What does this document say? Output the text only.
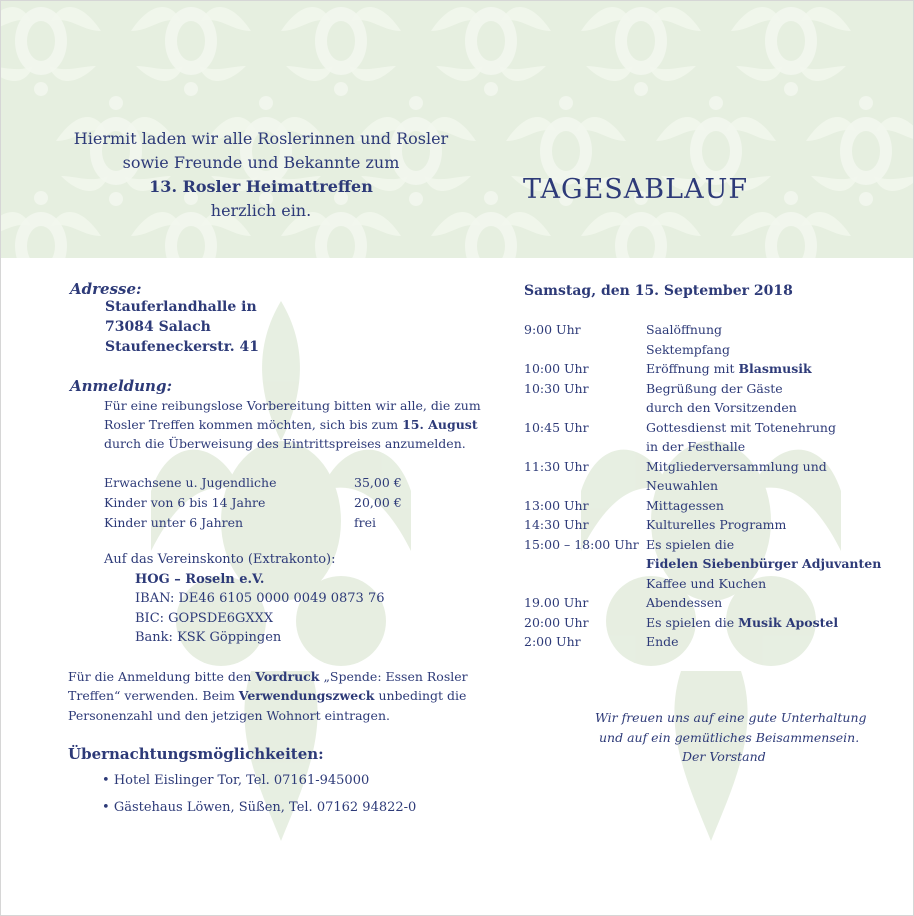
Hiermit laden wir alle Roslerinnen und Rosler
sowie Freunde und Bekannte zum
13. Rosler Heimattreffen
herzlich ein.
TAGESABLAUF
Adresse:
Stauferlandhalle in
73084 Salach
Staufeneckerstr. 41
Anmeldung:
Für eine reibungslose Vorbereitung bitten wir alle, die zum
Rosler Treffen kommen möchten, sich bis zum 15. August
durch die Überweisung des Eintrittspreises anzumelden.
Erwachsene u. Jugendliche	35,00 €
Kinder von 6 bis 14 Jahre	20,00 €
Kinder unter 6 Jahren	frei
Auf das Vereinskonto (Extrakonto):
HOG – Roseln e.V.
IBAN: DE46 6105 0000 0049 0873 76
BIC: GOPSDE6GXXX
Bank: KSK Göppingen
Für die Anmeldung bitte den Vordruck „Spende: Essen Rosler
Treffen“ verwenden. Beim Verwendungszweck unbedingt die
Personenzahl und den jetzigen Wohnort eintragen.
Übernachtungsmöglichkeiten:
• Hotel Eislinger Tor, Tel. 07161-945000
• Gästehaus Löwen, Süßen, Tel. 07162 94822-0
Samstag, den 15. September 2018
9:00 Uhr	Saalöffnung
Sektempfang
10:00 Uhr	Eröffnung mit Blasmusik
10:30 Uhr	Begrüßung der Gäste
durch den Vorsitzenden
10:45 Uhr	Gottesdienst mit Totenehrung
in der Festhalle
11:30 Uhr	Mitgliederversammlung und
Neuwahlen
13:00 Uhr	Mittagessen
14:30 Uhr	Kulturelles Programm
15:00 – 18:00 Uhr Es spielen die
Fidelen Siebenbürger Adjuvanten
Kaffee und Kuchen
19.00 Uhr	Abendessen
20:00 Uhr	Es spielen die Musik Apostel
2:00 Uhr	Ende
Wir freuen uns auf eine gute Unterhaltung
und auf ein gemütliches Beisammensein.
Der Vorstand
